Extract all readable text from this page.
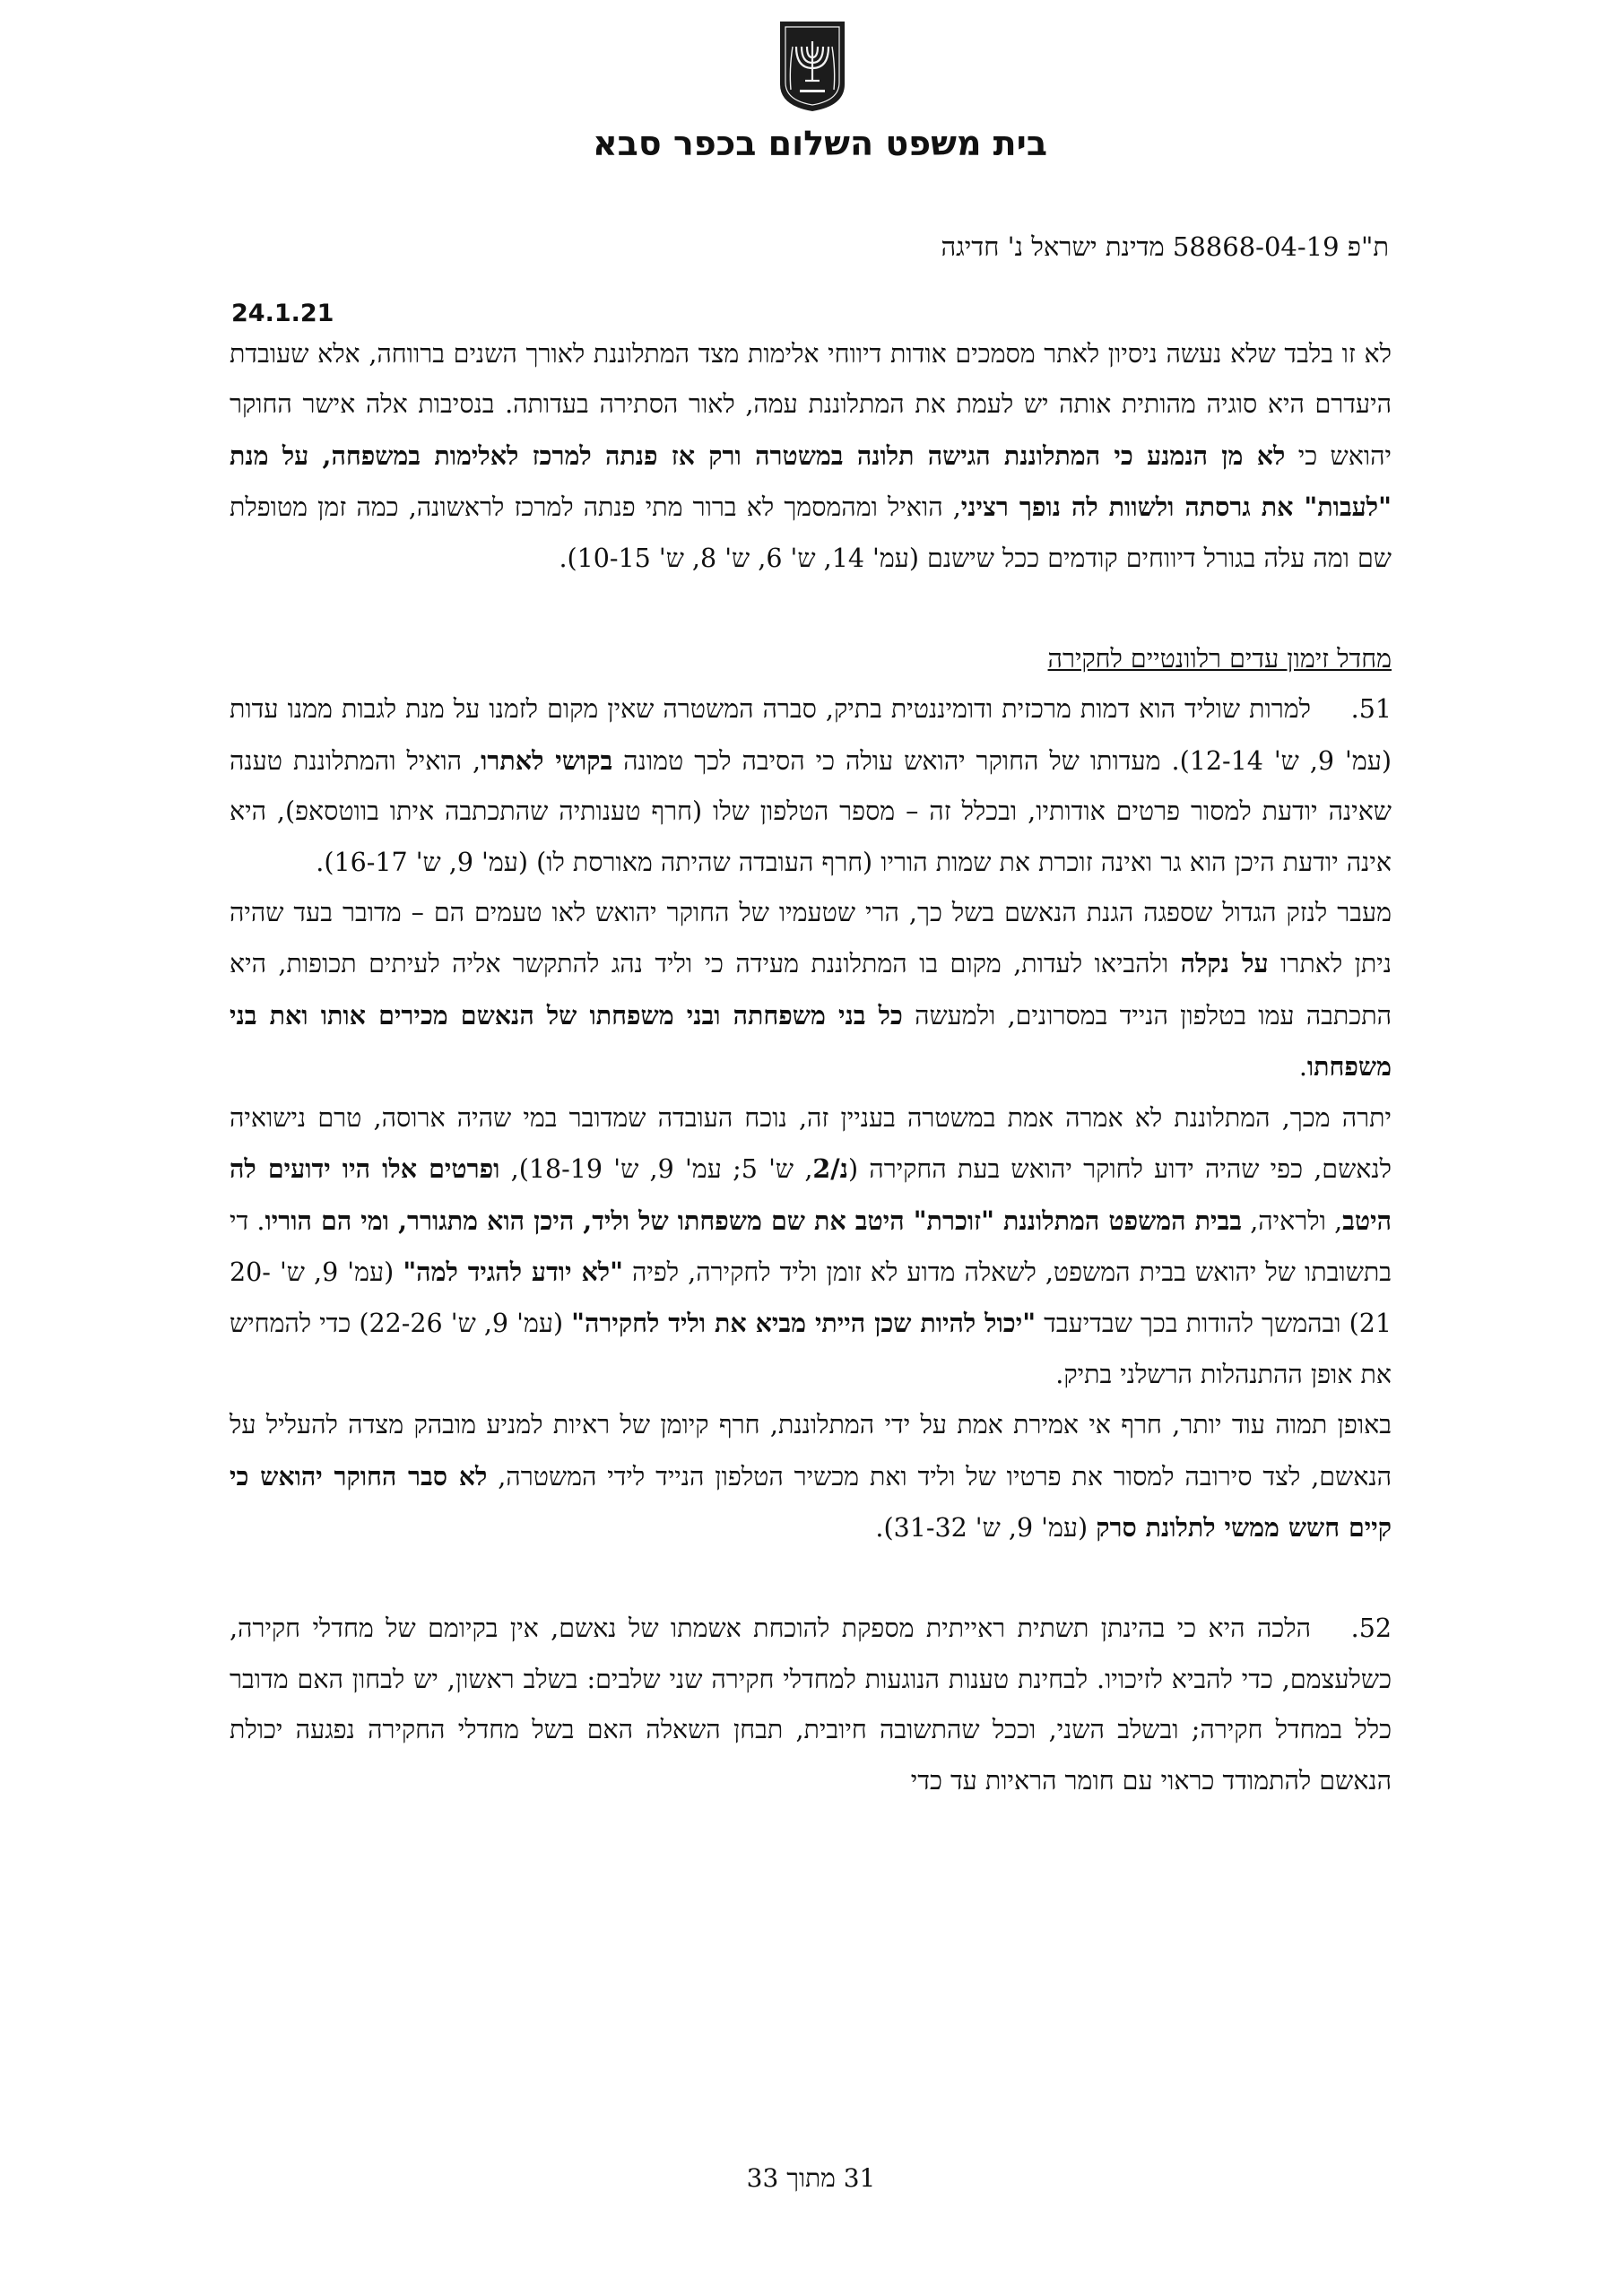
בית משפט השלום בכפר סבא
ת"פ 58868-04-19 מדינת ישראל נ' חדיגה
24.1.21

לא זו בלבד שלא נעשה ניסיון לאתר מסמכים אודות דיווחי אלימות מצד המתלוננת לאורך השנים ברווחה, אלא שעובדת היעדרם היא סוגיה מהותית אותה יש לעמת את המתלוננת עמה, לאור הסתירה בעדותה. בנסיבות אלה אישר החוקר יהואש כי לא מן הנמנע כי המתלוננת הגישה תלונה במשטרה ורק אז פנתה למרכז לאלימות במשפחה, על מנת "לעבות" את גרסתה ולשוות לה נופך רציני, הואיל ומהמסמך לא ברור מתי פנתה למרכז לראשונה, כמה זמן מטופלת שם ומה עלה בגורל דיווחים קודמים ככל שישנם (עמ' 14, ש' 6, ש' 8, ש' 10-15).

מחדל זימון עדים רלוונטיים לחקירה

51.למרות שוליד הוא דמות מרכזית ודומיננטית בתיק, סברה המשטרה שאין מקום לזמנו על מנת לגבות ממנו עדות (עמ' 9, ש' 12-14). מעדותו של החוקר יהואש עולה כי הסיבה לכך טמונה בקושי לאתרו, הואיל והמתלוננת טענה שאינה יודעת למסור פרטים אודותיו, ובכלל זה – מספר הטלפון שלו (חרף טענותיה שהתכתבה איתו בווטסאפ), היא אינה יודעת היכן הוא גר ואינה זוכרת את שמות הוריו (חרף העובדה שהיתה מאורסת לו) (עמ' 9, ש' 16-17).

מעבר לנזק הגדול שספגה הגנת הנאשם בשל כך, הרי שטעמיו של החוקר יהואש לאו טעמים הם – מדובר בעד שהיה ניתן לאתרו על נקלה ולהביאו לעדות, מקום בו המתלוננת מעידה כי וליד נהג להתקשר אליה לעיתים תכופות, היא התכתבה עמו בטלפון הנייד במסרונים, ולמעשה כל בני משפחתה ובני משפחתו של הנאשם מכירים אותו ואת בני משפחתו.

יתרה מכך, המתלוננת לא אמרה אמת במשטרה בעניין זה, נוכח העובדה שמדובר במי שהיה ארוסה, טרם נישואיה לנאשם, כפי שהיה ידוע לחוקר יהואש בעת החקירה (נ/2, ש' 5; עמ' 9, ש' 18-19), ופרטים אלו היו ידועים לה היטב, ולראיה, בבית המשפט המתלוננת "זוכרת" היטב את שם משפחתו של וליד, היכן הוא מתגורר, ומי הם הוריו. די בתשובתו של יהואש בבית המשפט, לשאלה מדוע לא זומן וליד לחקירה, לפיה "לא יודע להגיד למה" (עמ' 9, ש' 20-21) ובהמשך להודות בכך שבדיעבד "יכול להיות שכן הייתי מביא את וליד לחקירה" (עמ' 9, ש' 22-26) כדי להמחיש את אופן ההתנהלות הרשלני בתיק.

באופן תמוה עוד יותר, חרף אי אמירת אמת על ידי המתלוננת, חרף קיומן של ראיות למניע מובהק מצדה להעליל על הנאשם, לצד סירובה למסור את פרטיו של וליד ואת מכשיר הטלפון הנייד לידי המשטרה, לא סבר החוקר יהואש כי קיים חשש ממשי לתלונת סרק (עמ' 9, ש' 31-32).

52.הלכה היא כי בהינתן תשתית ראייתית מספקת להוכחת אשמתו של נאשם, אין בקיומם של מחדלי חקירה, כשלעצמם, כדי להביא לזיכויו. לבחינת טענות הנוגעות למחדלי חקירה שני שלבים: בשלב ראשון, יש לבחון האם מדובר כלל במחדל חקירה; ובשלב השני, וככל שהתשובה חיובית, תבחן השאלה האם בשל מחדלי החקירה נפגעה יכולת הנאשם להתמודד כראוי עם חומר הראיות עד כדי

31 מתוך 33
